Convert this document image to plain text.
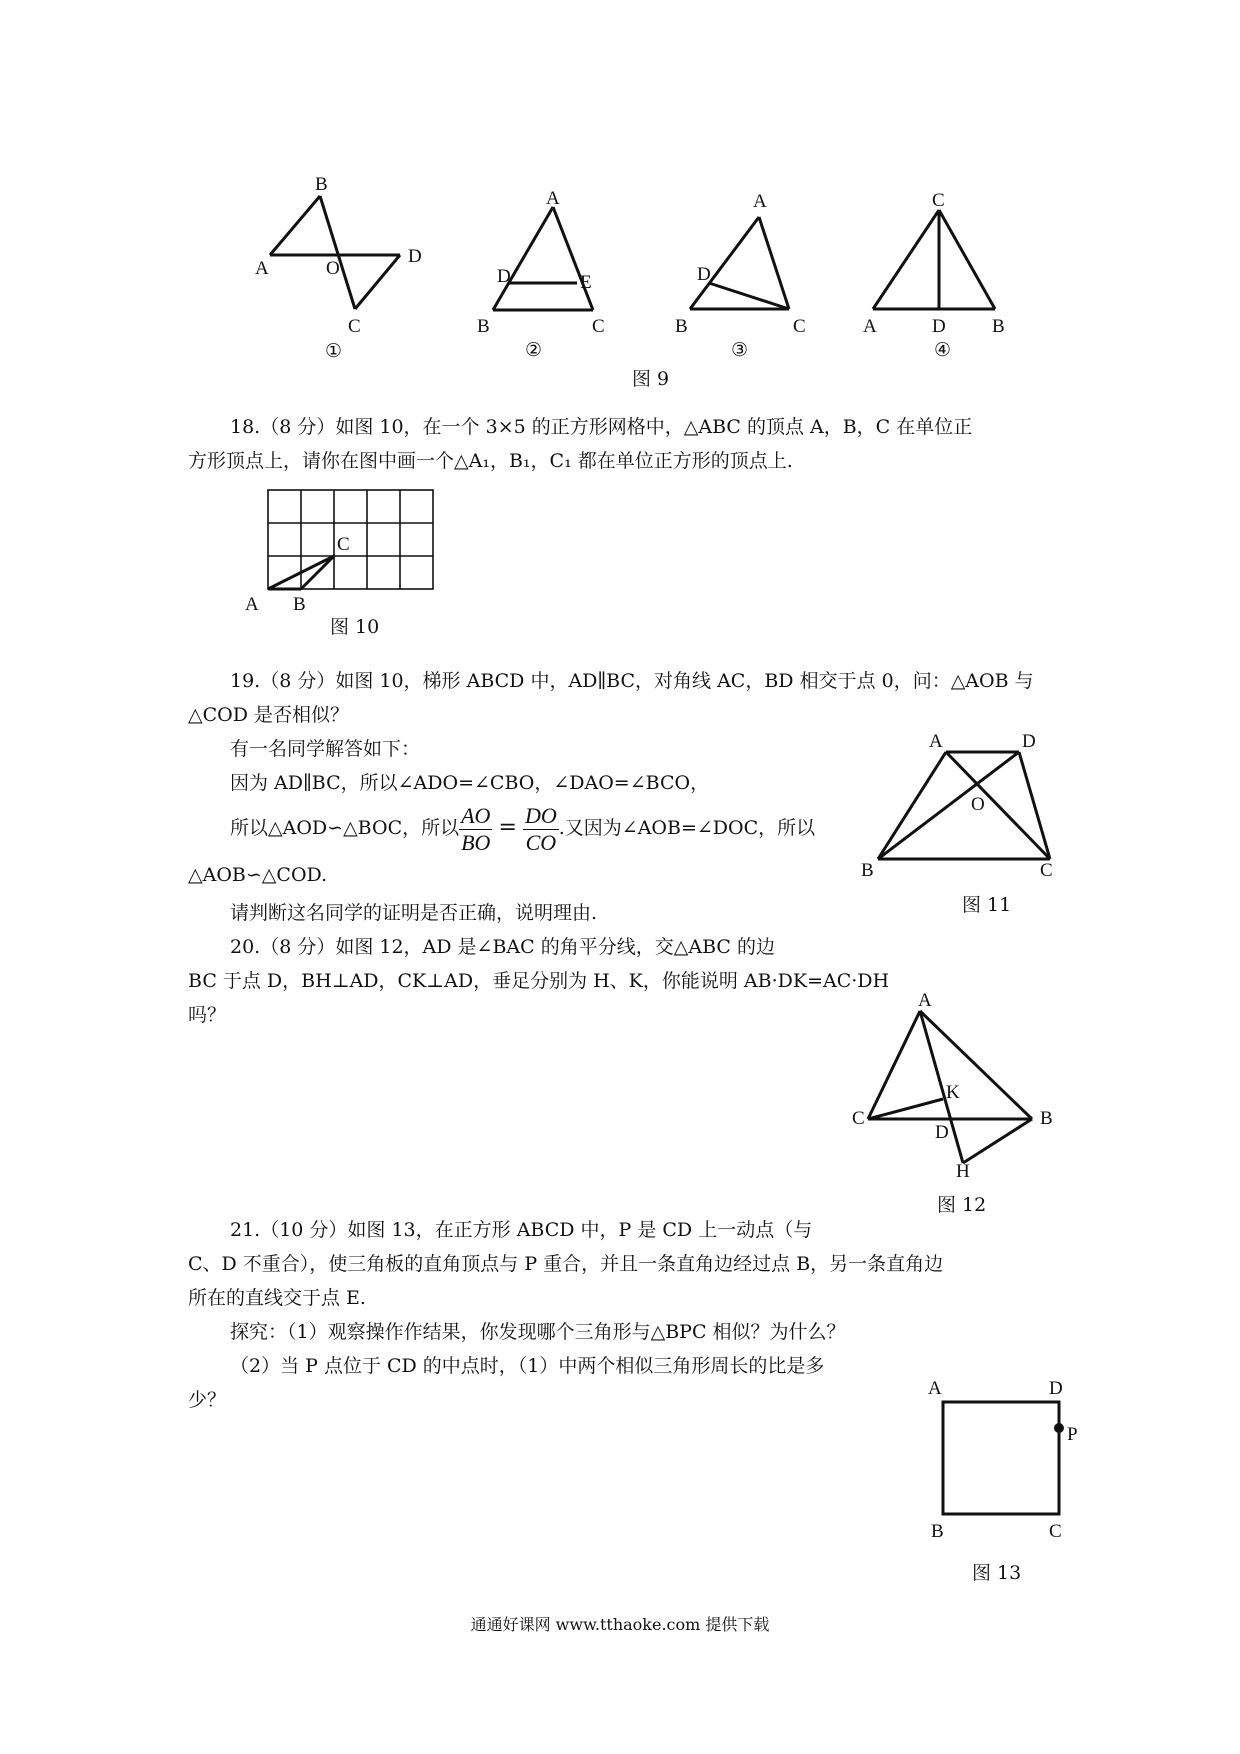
B
A	O
D
C
①
A
D	E
B	C
②
A
D
B	C
③
C
A	D B
④
图 9
18.（8 分）如图 10，在一个 3×5 的正方形网格中，△ABC 的顶点 A，B，C 在单位正
方形顶点上，请你在图中画一个△A₁，B₁，C₁ 都在单位正方形的顶点上.
C
A B
图 10
19.（8 分）如图 10，梯形 ABCD 中，AD∥BC，对角线 AC，BD 相交于点 0，问：△AOB 与
△COD 是否相似？
有一名同学解答如下：
因为 AD∥BC，所以∠ADO=∠CBO，∠DAO=∠BCO，
所以△AOD∽△BOC，所以 $\frac{AO}{BO} = \frac{DO}{CO}$ .又因为∠AOB=∠DOC，所以
△AOB∽△COD.
请判断这名同学的证明是否正确，说明理由.
A	D
O
B	C
图 11
20.（8 分）如图 12，AD 是∠BAC 的角平分线，交△ABC 的边
BC 于点 D，BH⊥AD，CK⊥AD，垂足分别为 H、K，你能说明 AB·DK=AC·DH
吗？
A
K
C
D
B
H
图 12
21.（10 分）如图 13，在正方形 ABCD 中，P 是 CD 上一动点（与
C、D 不重合），使三角板的直角顶点与 P 重合，并且一条直角边经过点 B，另一条直角边
所在的直线交于点 E.
探究：（1）观察操作作结果，你发现哪个三角形与△BPC 相似？为什么？
（2）当 P 点位于 CD 的中点时，（1）中两个相似三角形周长的比是多
少？
A	D
P
B	C
图 13
通通好课网 www.tthaoke.com 提供下载
